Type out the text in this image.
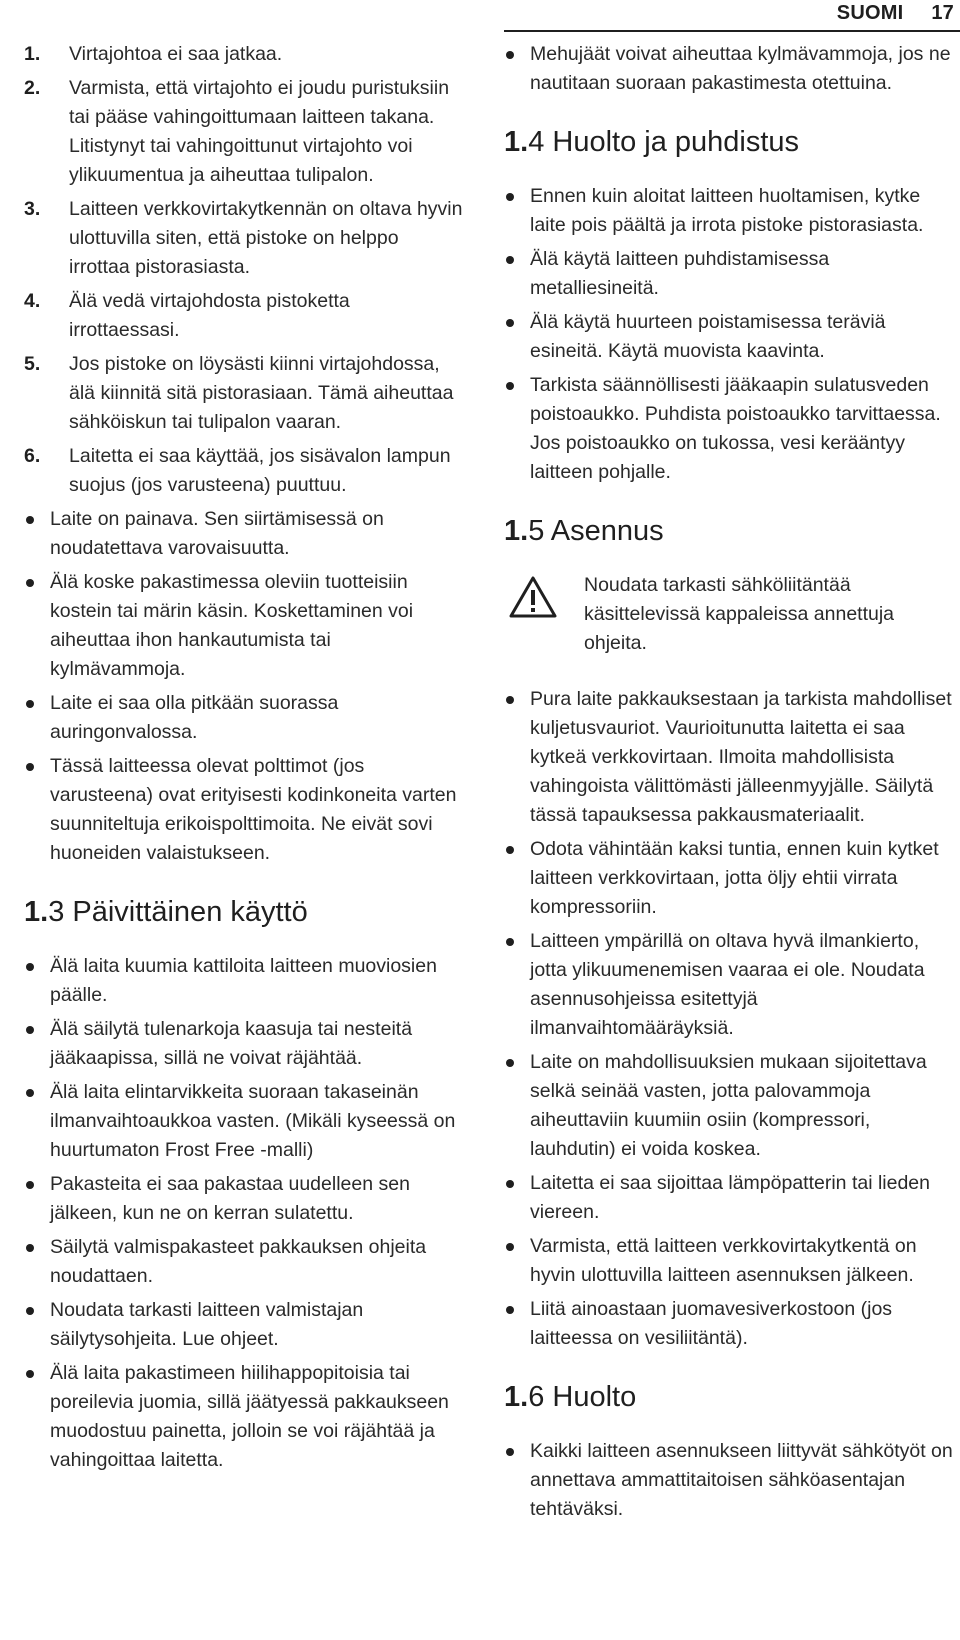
SUOMI 17
1. Virtajohtoa ei saa jatkaa.
2. Varmista, että virtajohto ei joudu puristuksiin tai pääse vahingoittumaan laitteen takana. Litistynyt tai vahingoittunut virtajohto voi ylikuumentua ja aiheuttaa tulipalon.
3. Laitteen verkkovirtakytkennän on oltava hyvin ulottuvilla siten, että pistoke on helppo irrottaa pistorasiasta.
4. Älä vedä virtajohdosta pistoketta irrottaessasi.
5. Jos pistoke on löysästi kiinni virtajohdossa, älä kiinnitä sitä pistorasiaan. Tämä aiheuttaa sähköiskun tai tulipalon vaaran.
6. Laitetta ei saa käyttää, jos sisävalon lampun suojus (jos varusteena) puuttuu.
Laite on painava. Sen siirtämisessä on noudatettava varovaisuutta.
Älä koske pakastimessa oleviin tuotteisiin kostein tai märin käsin. Koskettaminen voi aiheuttaa ihon hankautumista tai kylmävammoja.
Laite ei saa olla pitkään suorassa auringonvalossa.
Tässä laitteessa olevat polttimot (jos varusteena) ovat erityisesti kodinkoneita varten suunniteltuja erikoispolttimoita. Ne eivät sovi huoneiden valaistukseen.
1.3 Päivittäinen käyttö
Älä laita kuumia kattiloita laitteen muoviosien päälle.
Älä säilytä tulenarkoja kaasuja tai nesteitä jääkaapissa, sillä ne voivat räjähtää.
Älä laita elintarvikkeita suoraan takaseinän ilmanvaihtoaukkoa vasten. (Mikäli kyseessä on huurtumaton Frost Free -malli)
Pakasteita ei saa pakastaa uudelleen sen jälkeen, kun ne on kerran sulatettu.
Säilytä valmispakasteet pakkauksen ohjeita noudattaen.
Noudata tarkasti laitteen valmistajan säilytysohjeita. Lue ohjeet.
Älä laita pakastimeen hiilihappopitoisia tai poreilevia juomia, sillä jäätyessä pakkaukseen muodostuu painetta, jolloin se voi räjähtää ja vahingoittaa laitetta.
Mehujäät voivat aiheuttaa kylmävammoja, jos ne nautitaan suoraan pakastimesta otettuina.
1.4 Huolto ja puhdistus
Ennen kuin aloitat laitteen huoltamisen, kytke laite pois päältä ja irrota pistoke pistorasiasta.
Älä käytä laitteen puhdistamisessa metalliesineitä.
Älä käytä huurteen poistamisessa teräviä esineitä. Käytä muovista kaavinta.
Tarkista säännöllisesti jääkaapin sulatusveden poistoaukko. Puhdista poistoaukko tarvittaessa. Jos poistoaukko on tukossa, vesi kerääntyy laitteen pohjalle.
1.5 Asennus
Noudata tarkasti sähköliitäntää käsittelevissä kappaleissa annettuja ohjeita.
Pura laite pakkauksestaan ja tarkista mahdolliset kuljetusvauriot. Vaurioitunutta laitetta ei saa kytkeä verkkovirtaan. Ilmoita mahdollisista vahingoista välittömästi jälleenmyyjälle. Säilytä tässä tapauksessa pakkausmateriaalit.
Odota vähintään kaksi tuntia, ennen kuin kytket laitteen verkkovirtaan, jotta öljy ehtii virrata kompressoriin.
Laitteen ympärillä on oltava hyvä ilmankierto, jotta ylikuumenemisen vaaraa ei ole. Noudata asennusohjeissa esitettyjä ilmanvaihtomääräyksiä.
Laite on mahdollisuuksien mukaan sijoitettava selkä seinää vasten, jotta palovammoja aiheuttaviin kuumiin osiin (kompressori, lauhdutin) ei voida koskea.
Laitetta ei saa sijoittaa lämpöpatterin tai lieden viereen.
Varmista, että laitteen verkkovirtakytkentä on hyvin ulottuvilla laitteen asennuksen jälkeen.
Liitä ainoastaan juomavesiverkostoon (jos laitteessa on vesiliitäntä).
1.6 Huolto
Kaikki laitteen asennukseen liittyvät sähkötyöt on annettava ammattitaitoisen sähköasentajan tehtäväksi.
